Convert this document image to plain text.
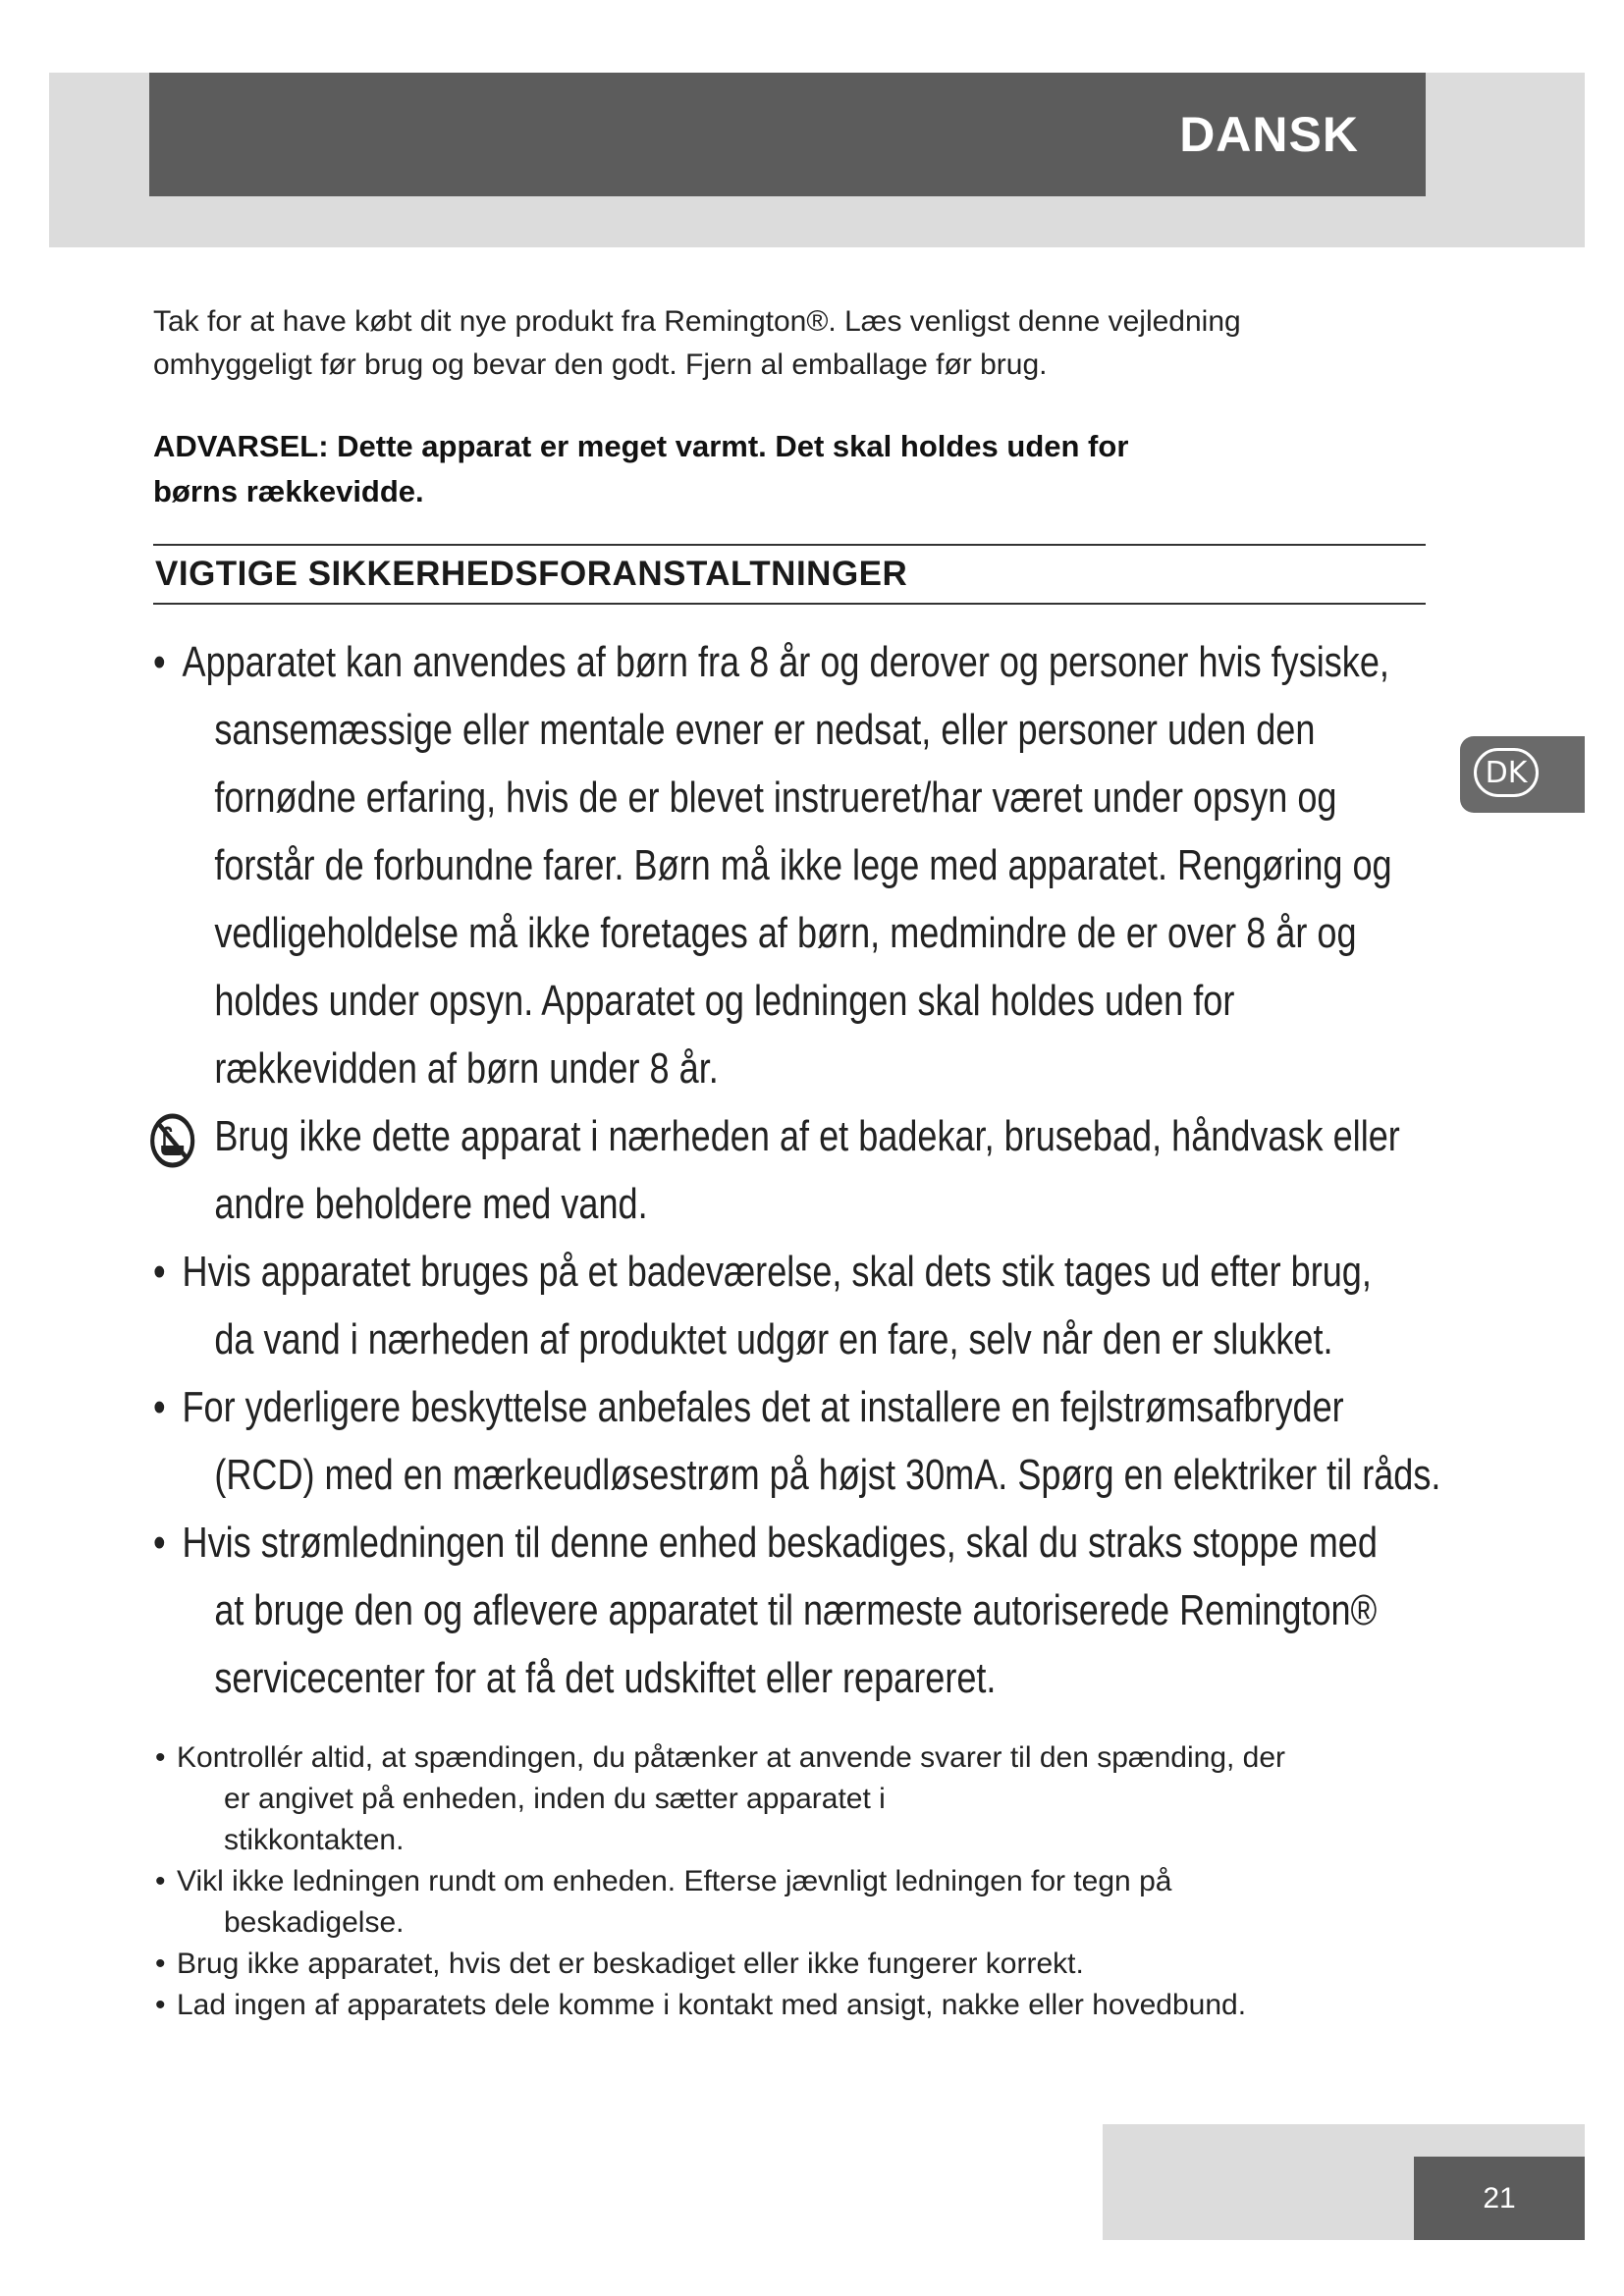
DANSK
DK
Tak for at have købt dit nye produkt fra Remington®. Læs venligst denne vejledning
omhyggeligt før brug og bevar den godt. Fjern al emballage før brug.
ADVARSEL: Dette apparat er meget varmt. Det skal holdes uden for
børns rækkevidde.
VIGTIGE SIKKERHEDSFORANSTALTNINGER
• Apparatet kan anvendes af børn fra 8 år og derover og personer hvis fysiske,
sansemæssige eller mentale evner er nedsat, eller personer uden den
fornødne erfaring, hvis de er blevet instrueret/har været under opsyn og
forstår de forbundne farer. Børn må ikke lege med apparatet. Rengøring og
vedligeholdelse må ikke foretages af børn, medmindre de er over 8 år og
holdes under opsyn. Apparatet og ledningen skal holdes uden for
rækkevidden af børn under 8 år.
Brug ikke dette apparat i nærheden af et badekar, brusebad, håndvask eller
andre beholdere med vand.
• Hvis apparatet bruges på et badeværelse, skal dets stik tages ud efter brug,
da vand i nærheden af produktet udgør en fare, selv når den er slukket.
• For yderligere beskyttelse anbefales det at installere en fejlstrømsafbryder
(RCD) med en mærkeudløsestrøm på højst 30mA. Spørg en elektriker til råds.
• Hvis strømledningen til denne enhed beskadiges, skal du straks stoppe med
at bruge den og aflevere apparatet til nærmeste autoriserede Remington®
servicecenter for at få det udskiftet eller repareret.
• Kontrollér altid, at spændingen, du påtænker at anvende svarer til den spænding, der
er angivet på enheden, inden du sætter apparatet i
stikkontakten.
• Vikl ikke ledningen rundt om enheden. Efterse jævnligt ledningen for tegn på
beskadigelse.
• Brug ikke apparatet, hvis det er beskadiget eller ikke fungerer korrekt.
• Lad ingen af apparatets dele komme i kontakt med ansigt, nakke eller hovedbund.
21
